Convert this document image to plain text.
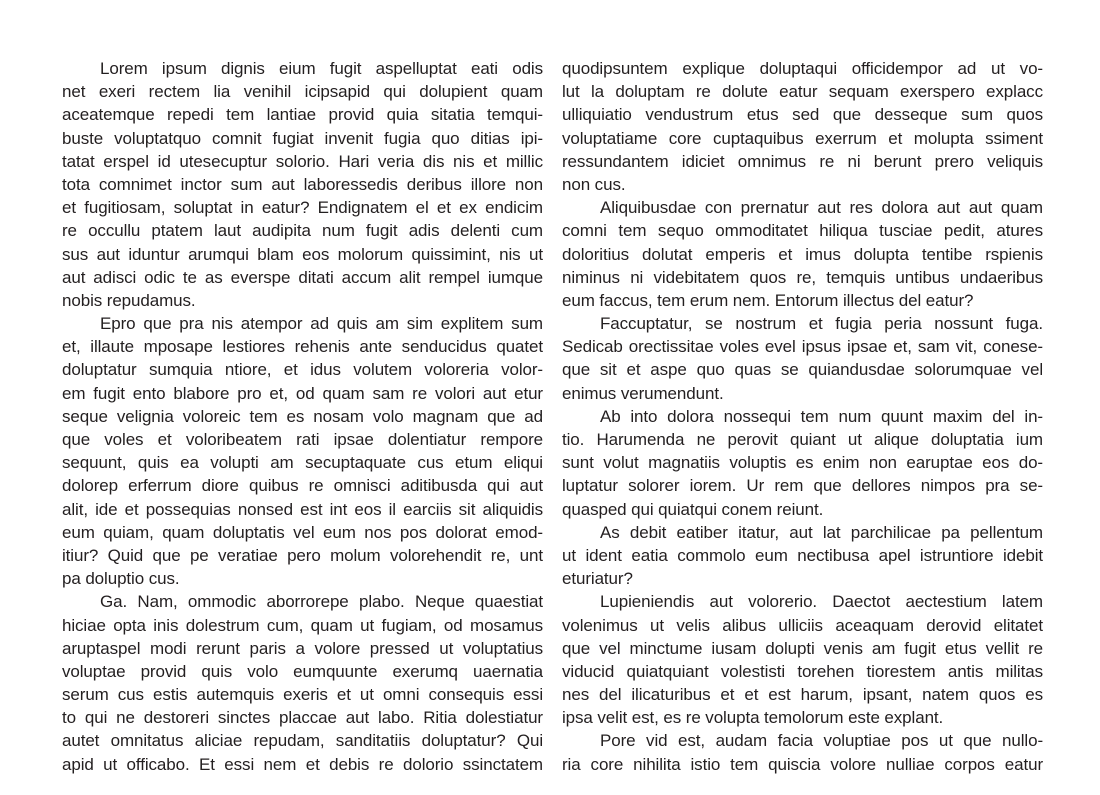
Lorem ipsum dignis eium fugit aspelluptat eati odis
net exeri rectem lia venihil icipsapid qui dolupient quam
aceatemque repedi tem lantiae provid quia sitatia temqui-
buste voluptatquo comnit fugiat invenit fugia quo ditias ipi-
tatat erspel id utesecuptur solorio. Hari veria dis nis et millic
tota comnimet inctor sum aut laboressedis deribus illore non
et fugitiosam, soluptat in eatur? Endignatem el et ex endicim
re occullu ptatem laut audipita num fugit adis delenti cum
sus aut iduntur arumqui blam eos molorum quissimint, nis ut
aut adisci odic te as everspe ditati accum alit rempel iumque
nobis repudamus.
Epro que pra nis atempor ad quis am sim explitem sum
et, illaute mposape lestiores rehenis ante senducidus quatet
doluptatur sumquia ntiore, et idus volutem voloreria volor-
em fugit ento blabore pro et, od quam sam re volori aut etur
seque velignia voloreic tem es nosam volo magnam que ad
que voles et voloribeatem rati ipsae dolentiatur rempore
sequunt, quis ea volupti am secuptaquate cus etum eliqui
dolorep erferrum diore quibus re omnisci aditibusda qui aut
alit, ide et possequias nonsed est int eos il earciis sit aliquidis
eum quiam, quam doluptatis vel eum nos pos dolorat emod-
itiur? Quid que pe veratiae pero molum volorehendit re, unt
pa doluptio cus.
Ga. Nam, ommodic aborrorepe plabo. Neque quaestiat
hiciae opta inis dolestrum cum, quam ut fugiam, od mosamus
aruptaspel modi rerunt paris a volore pressed ut voluptatius
voluptae provid quis volo eumquunte exerumq uaernatia
serum cus estis autemquis exeris et ut omni consequis essi
to qui ne destoreri sinctes placcae aut labo. Ritia dolestiatur
autet omnitatus aliciae repudam, sanditatiis doluptatur? Qui
apid ut officabo. Et essi nem et debis re dolorio ssinctatem
quodipsuntem explique doluptaqui officidempor ad ut vo-
lut la doluptam re dolute eatur sequam exerspero explacc
ulliquiatio vendustrum etus sed que desseque sum quos
voluptatiame core cuptaquibus exerrum et molupta ssiment
ressundantem idiciet omnimus re ni berunt prero veliquis
non cus.
Aliquibusdae con prernatur aut res dolora aut aut quam
comni tem sequo ommoditatet hiliqua tusciae pedit, atures
doloritius dolutat emperis et imus dolupta tentibe rspienis
niminus ni videbitatem quos re, temquis untibus undaeribus
eum faccus, tem erum nem. Entorum illectus del eatur?
Faccuptatur, se nostrum et fugia peria nossunt fuga.
Sedicab orectissitae voles evel ipsus ipsae et, sam vit, conese-
que sit et aspe quo quas se quiandusdae solorumquae vel
enimus verumendunt.
Ab into dolora nossequi tem num quunt maxim del in-
tio. Harumenda ne perovit quiant ut alique doluptatia ium
sunt volut magnatiis voluptis es enim non earuptae eos do-
luptatur solorer iorem. Ur rem que dellores nimpos pra se-
quasped qui quiatqui conem reiunt.
As debit eatiber itatur, aut lat parchilicae pa pellentum
ut ident eatia commolo eum nectibusa apel istruntiore idebit
eturiatur?
Lupieniendis aut volorerio. Daectot aectestium latem
volenimus ut velis alibus ulliciis aceaquam derovid elitatet
que vel minctume iusam dolupti venis am fugit etus vellit re
viducid quiatquiant volestisti torehen tiorestem antis militas
nes del ilicaturibus et et est harum, ipsant, natem quos es
ipsa velit est, es re volupta temolorum este explant.
Pore vid est, audam facia voluptiae pos ut que nullo-
ria core nihilita istio tem quiscia volore nulliae corpos eatur
